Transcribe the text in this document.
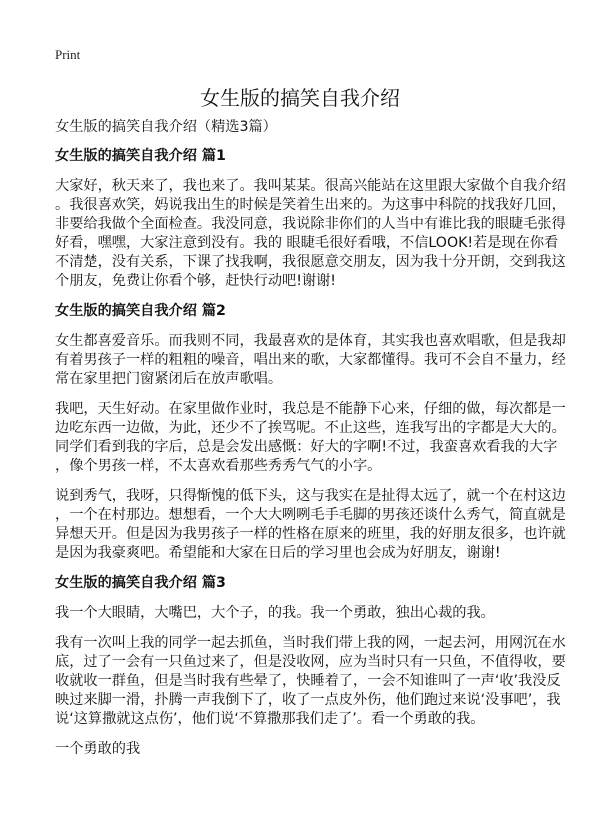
Print
女生版的搞笑自我介绍

女生版的搞笑自我介绍（精选3篇）

女生版的搞笑自我介绍 篇1

大家好，秋天来了，我也来了。我叫某某。很高兴能站在这里跟大家做个自我介绍
。我很喜欢笑，妈说我出生的时候是笑着生出来的。为这事中科院的找我好几回，
非要给我做个全面检查。我没同意，我说除非你们的人当中有谁比我的眼睫毛张得
好看，嘿嘿，大家注意到没有。我的 眼睫毛很好看哦，不信LOOK!若是现在你看
不清楚，没有关系，下课了找我啊，我很愿意交朋友，因为我十分开朗，交到我这
个朋友，免费让你看个够，赶快行动吧!谢谢!

女生版的搞笑自我介绍 篇2

女生都喜爱音乐。而我则不同，我最喜欢的是体育，其实我也喜欢唱歌，但是我却
有着男孩子一样的粗粗的噪音，唱出来的歌，大家都懂得。我可不会自不量力，经
常在家里把门窗紧闭后在放声歌唱。

我吧，天生好动。在家里做作业时，我总是不能静下心来，仔细的做，每次都是一
边吃东西一边做，为此，还少不了挨骂呢。不止这些，连我写出的字都是大大的。
同学们看到我的字后，总是会发出感慨：好大的字啊!不过，我蛮喜欢看我的大字
，像个男孩一样，不太喜欢看那些秀秀气气的小字。

说到秀气，我呀，只得惭愧的低下头，这与我实在是扯得太远了，就一个在村这边
，一个在村那边。想想看，一个大大咧咧毛手毛脚的男孩还谈什么秀气，简直就是
异想天开。但是因为我男孩子一样的性格在原来的班里，我的好朋友很多，也许就
是因为我豪爽吧。希望能和大家在日后的学习里也会成为好朋友，谢谢!

女生版的搞笑自我介绍 篇3

我一个大眼睛，大嘴巴，大个子，的我。我一个勇敢，独出心裁的我。

我有一次叫上我的同学一起去抓鱼，当时我们带上我的网，一起去河，用网沉在水
底，过了一会有一只鱼过来了，但是没收网，应为当时只有一只鱼，不值得收，要
收就收一群鱼，但是当时我有些晕了，快睡着了，一会不知谁叫了一声‘收’我没反
映过来脚一滑，扑腾一声我倒下了，收了一点皮外伤，他们跑过来说‘没事吧’，我
说‘这算撒就这点伤’，他们说‘不算撒那我们走了’。看一个勇敢的我。

一个勇敢的我
